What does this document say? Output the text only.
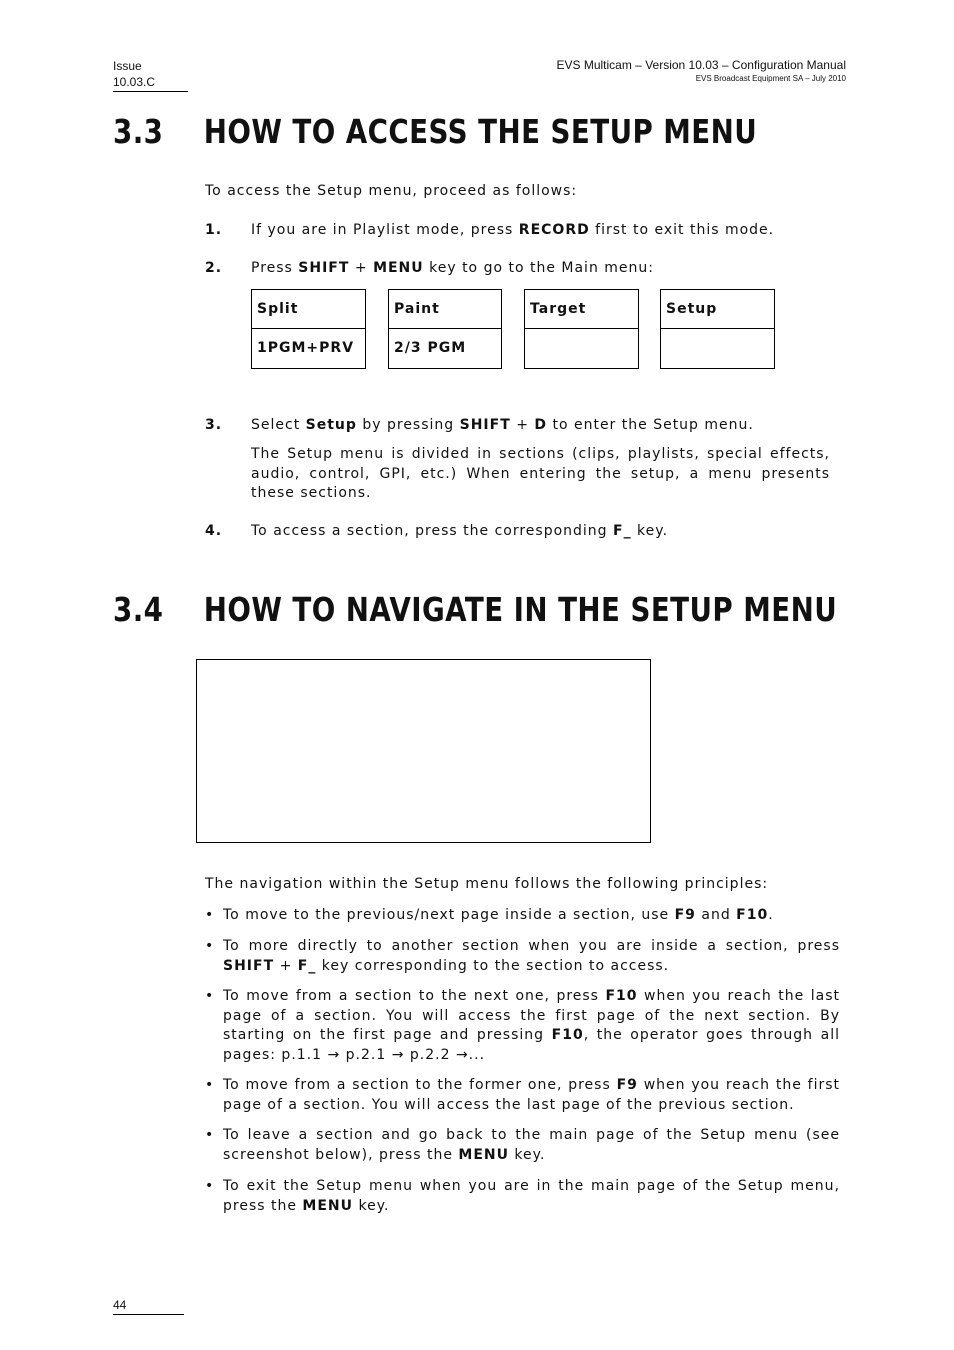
Issue
10.03.C
EVS Multicam – Version 10.03 – Configuration Manual
EVS Broadcast Equipment SA – July 2010
3.3 HOW TO ACCESS THE SETUP MENU
To access the Setup menu, proceed as follows:
1. If you are in Playlist mode, press RECORD first to exit this mode.
2. Press SHIFT + MENU key to go to the Main menu:
Split
1PGM+PRV
Paint
2/3 PGM
Target	Setup
3. Select Setup by pressing SHIFT + D to enter the Setup menu.
The Setup menu is divided in sections (clips, playlists, special effects, audio, control, GPI, etc.) When entering the setup, a menu presents these sections.
4. To access a section, press the corresponding F_ key.
3.4 HOW TO NAVIGATE IN THE SETUP MENU
The navigation within the Setup menu follows the following principles:
• To move to the previous/next page inside a section, use F9 and F10.
• To more directly to another section when you are inside a section, press SHIFT + F_ key corresponding to the section to access.
• To move from a section to the next one, press F10 when you reach the last page of a section. You will access the first page of the next section. By starting on the first page and pressing F10, the operator goes through all pages: p.1.1 → p.2.1 → p.2.2 →...
• To move from a section to the former one, press F9 when you reach the first page of a section. You will access the last page of the previous section.
• To leave a section and go back to the main page of the Setup menu (see screenshot below), press the MENU key.
• To exit the Setup menu when you are in the main page of the Setup menu, press the MENU key.
44
